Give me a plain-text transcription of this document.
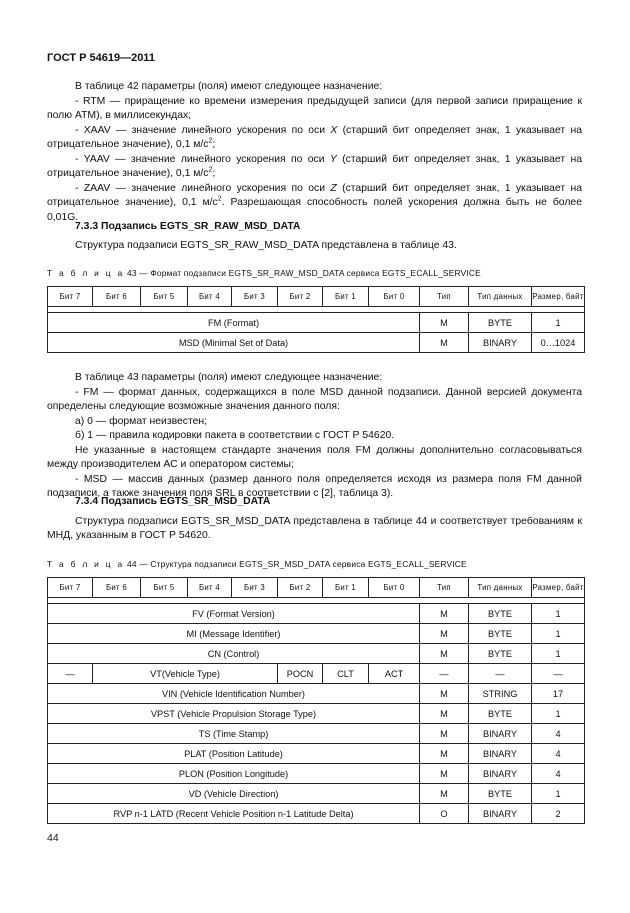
ГОСТ Р 54619—2011

В таблице 42 параметры (поля) имеют следующее назначение:

- RTM — приращение ко времени измерения предыдущей записи (для первой записи приращение к полю ATM), в миллисекундах;

- XAAV — значение линейного ускорения по оси X (старший бит определяет знак, 1 указывает на отрицательное значение), 0,1 $м/с^2$;

- YAAV — значение линейного ускорения по оси Y (старший бит определяет знак, 1 указывает на отрицательное значение), 0,1 $м/с^2$;

- ZAAV — значение линейного ускорения по оси Z (старший бит определяет знак, 1 указывает на отрицательное значение), 0,1 $м/с^2$. Разрешающая способность полей ускорения должна быть не более 0,01G.

7.3.3 Подзапись EGTS_SR_RAW_MSD_DATA

Структура подзаписи EGTS_SR_RAW_MSD_DATA представлена в таблице 43.

Т а б л и ц а 43 — Формат подзаписи EGTS_SR_RAW_MSD_DATA сервиса EGTS_ECALL_SERVICE
Бит 7	Бит 6	Бит 5	Бит 4	Бит 3	Бит 2	Бит 1	Бит 0	Тип	Тип данных	Размер, байт

FM (Format)								M	BYTE	1
MSD (Minimal Set of Data)								M	BINARY	0…1024

В таблице 43 параметры (поля) имеют следующее назначение:

- FM — формат данных, содержащихся в поле MSD данной подзаписи. Данной версией документа определены следующие возможные значения данного поля:

а) 0 — формат неизвестен;

б) 1 — правила кодировки пакета в соответствии с ГОСТ Р 54620.

Не указанные в настоящем стандарте значения поля FM должны дополнительно согласовываться между производителем АС и оператором системы;

- MSD — массив данных (размер данного поля определяется исходя из размера поля FM данной подзаписи, а также значения поля SRL в соответствии с [2], таблица 3).

7.3.4 Подзапись EGTS_SR_MSD_DATA

Структура подзаписи EGTS_SR_MSD_DATA представлена в таблице 44 и соответствует требованиям к МНД, указанным в ГОСТ Р 54620.

Т а б л и ц а 44 — Структура подзаписи EGTS_SR_MSD_DATA сервиса EGTS_ECALL_SERVICE
Бит 7	Бит 6	Бит 5	Бит 4	Бит 3	Бит 2	Бит 1	Бит 0	Тип	Тип данных	Размер, байт

FV (Format Version)								M	BYTE	1
MI (Message Identifier)								M	BYTE	1
CN (Control)								M	BYTE	1
—	VT(Vehicle Type)				POCN	CLT	ACT	—	—	—
VIN (Vehicle Identification Number)								M	STRING	17
VPST (Vehicle Propulsion Storage Type)								M	BYTE	1
TS (Time Stamp)								M	BINARY	4
PLAT (Position Latitude)								M	BINARY	4
PLON (Position Longitude)								M	BINARY	4
VD (Vehicle Direction)								M	BYTE	1
RVP n-1 LATD (Recent Vehicle Position n-1 Latitude Delta)								O	BINARY	2
44
